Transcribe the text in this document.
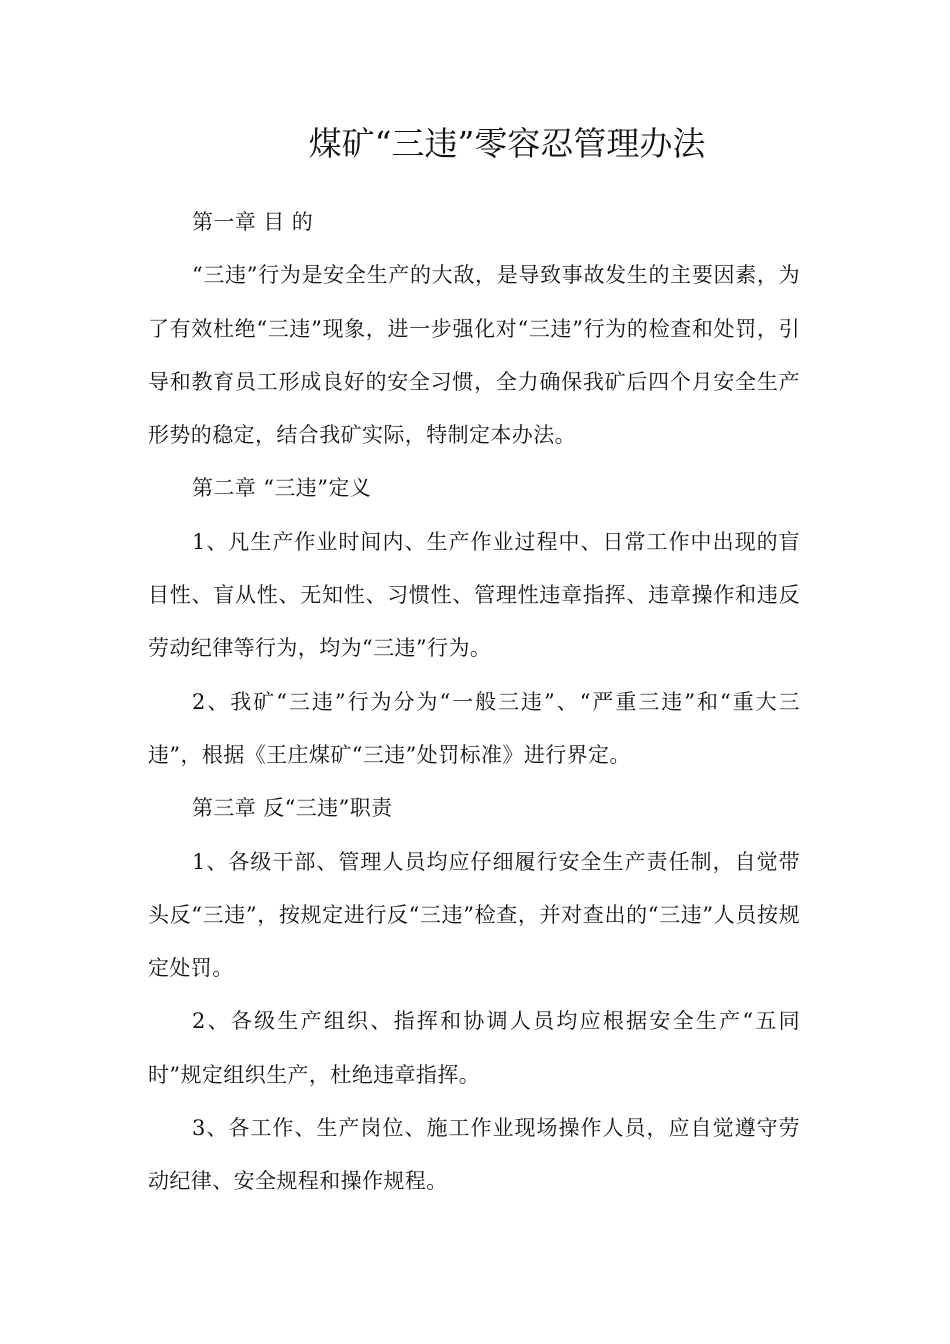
煤矿“三违”零容忍管理办法

第一章 目 的

“三违”行为是安全生产的大敌，是导致事故发生的主要因素，为了有效杜绝“三违”现象，进一步强化对“三违”行为的检查和处罚，引导和教育员工形成良好的安全习惯，全力确保我矿后四个月安全生产形势的稳定，结合我矿实际，特制定本办法。

第二章 “三违”定义

1、凡生产作业时间内、生产作业过程中、日常工作中出现的盲目性、盲从性、无知性、习惯性、管理性违章指挥、违章操作和违反劳动纪律等行为，均为“三违”行为。

2、我矿“三违”行为分为“一般三违”、“严重三违”和“重大三违”，根据《王庄煤矿“三违”处罚标准》进行界定。

第三章 反“三违”职责

1、各级干部、管理人员均应仔细履行安全生产责任制，自觉带头反“三违”，按规定进行反“三违”检查，并对查出的“三违”人员按规定处罚。

2、各级生产组织、指挥和协调人员均应根据安全生产“五同时”规定组织生产，杜绝违章指挥。

3、各工作、生产岗位、施工作业现场操作人员，应自觉遵守劳动纪律、安全规程和操作规程。
